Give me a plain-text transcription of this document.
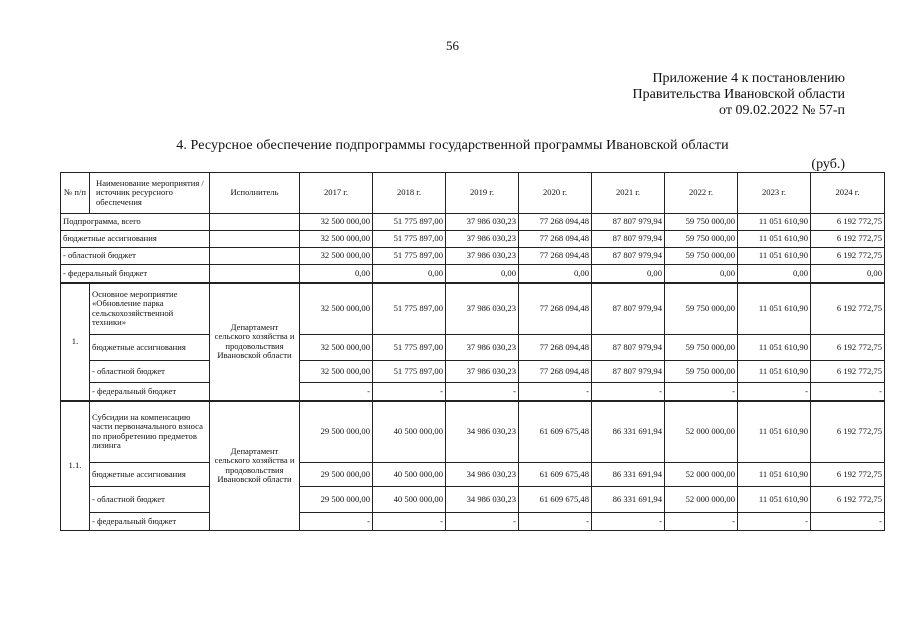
56
Приложение 4 к постановлению
Правительства Ивановской области
от 09.02.2022 № 57-п
4. Ресурсное обеспечение подпрограммы государственной программы Ивановской области
(руб.)
№ п/п	Наименование мероприятия / источник ресурсного обеспечения	Исполнитель	2017 г.	2018 г.	2019 г.	2020 г.	2021 г.	2022 г.	2023 г.	2024 г.
Подпрограмма, всего			32 500 000,00	51 775 897,00	37 986 030,23	77 268 094,48	87 807 979,94	59 750 000,00	11 051 610,90	6 192 772,75
бюджетные ассигнования			32 500 000,00	51 775 897,00	37 986 030,23	77 268 094,48	87 807 979,94	59 750 000,00	11 051 610,90	6 192 772,75
- областной бюджет			32 500 000,00	51 775 897,00	37 986 030,23	77 268 094,48	87 807 979,94	59 750 000,00	11 051 610,90	6 192 772,75
- федеральный бюджет			0,00	0,00	0,00	0,00	0,00	0,00	0,00	0,00
1.	Основное мероприятие «Обновление парка сельскохозяйственной техники»	Департамент сельского хозяйства и продовольствия Ивановской области	32 500 000,00	51 775 897,00	37 986 030,23	77 268 094,48	87 807 979,94	59 750 000,00	11 051 610,90	6 192 772,75
	бюджетные ассигнования		32 500 000,00	51 775 897,00	37 986 030,23	77 268 094,48	87 807 979,94	59 750 000,00	11 051 610,90	6 192 772,75
	- областной бюджет		32 500 000,00	51 775 897,00	37 986 030,23	77 268 094,48	87 807 979,94	59 750 000,00	11 051 610,90	6 192 772,75
	- федеральный бюджет		-	-	-	-	-	-	-	-
1.1.	Субсидии на компенсацию части первоначального взноса по приобретению предметов лизинга	Департамент сельского хозяйства и продовольствия Ивановской области	29 500 000,00	40 500 000,00	34 986 030,23	61 609 675,48	86 331 691,94	52 000 000,00	11 051 610,90	6 192 772,75
	бюджетные ассигнования		29 500 000,00	40 500 000,00	34 986 030,23	61 609 675,48	86 331 691,94	52 000 000,00	11 051 610,90	6 192 772,75
	- областной бюджет		29 500 000,00	40 500 000,00	34 986 030,23	61 609 675,48	86 331 691,94	52 000 000,00	11 051 610,90	6 192 772,75
	- федеральный бюджет		-	-	-	-	-	-	-	-
